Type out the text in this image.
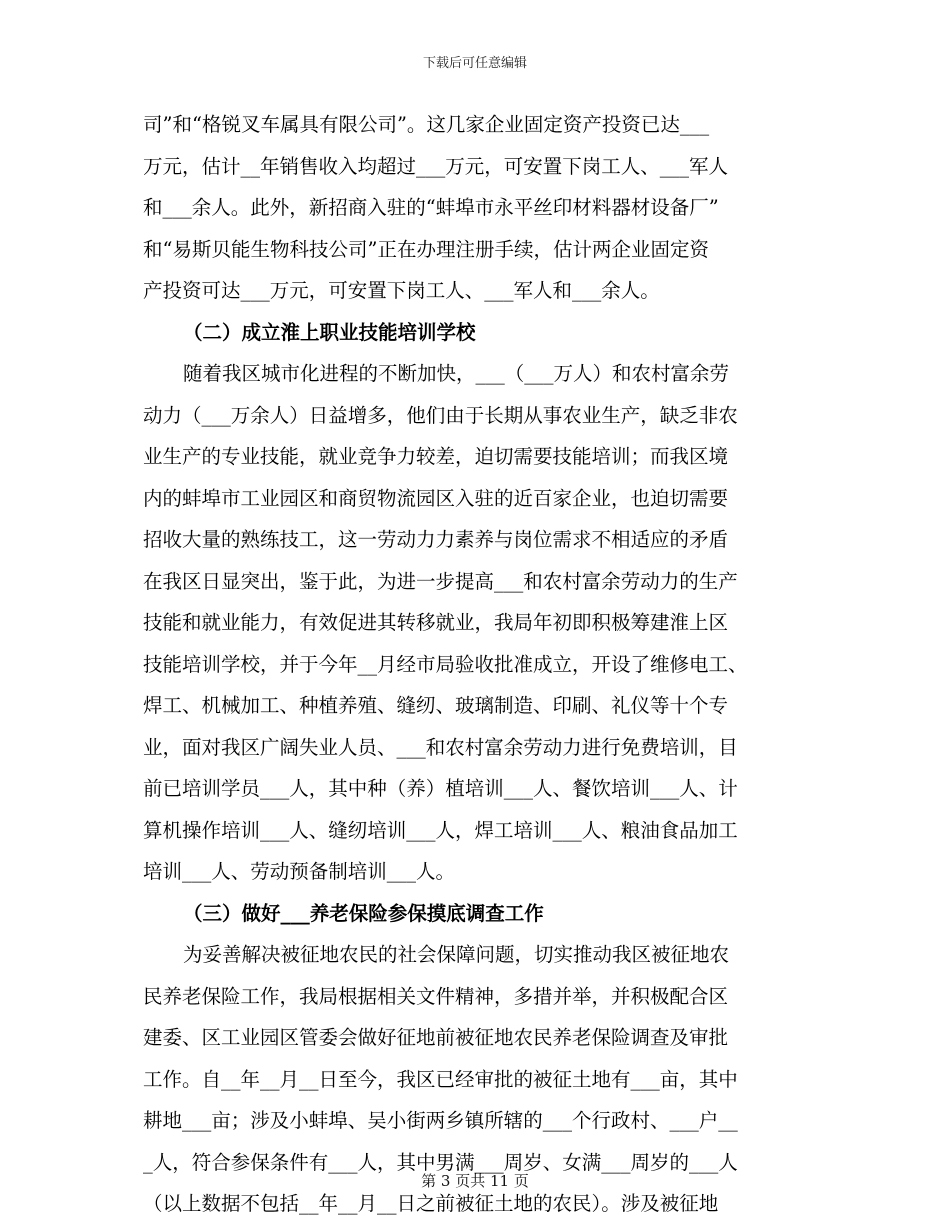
下载后可任意编辑
司”和“格锐叉车属具有限公司”。这几家企业固定资产投资已达___
万元，估计__年销售收入均超过___万元，可安置下岗工人、___军人
和___余人。此外，新招商入驻的“蚌埠市永平丝印材料器材设备厂”
和“易斯贝能生物科技公司”正在办理注册手续，估计两企业固定资
产投资可达___万元，可安置下岗工人、___军人和___余人。
（二）成立淮上职业技能培训学校
随着我区城市化进程的不断加快，___（___万人）和农村富余劳
动力（___万余人）日益增多，他们由于长期从事农业生产，缺乏非农
业生产的专业技能，就业竞争力较差，迫切需要技能培训；而我区境
内的蚌埠市工业园区和商贸物流园区入驻的近百家企业，也迫切需要
招收大量的熟练技工，这一劳动力力素养与岗位需求不相适应的矛盾
在我区日显突出，鉴于此，为进一步提高___和农村富余劳动力的生产
技能和就业能力，有效促进其转移就业，我局年初即积极筹建淮上区
技能培训学校，并于今年__月经市局验收批准成立，开设了维修电工、
焊工、机械加工、种植养殖、缝纫、玻璃制造、印刷、礼仪等十个专
业，面对我区广阔失业人员、___和农村富余劳动力进行免费培训，目
前已培训学员___人，其中种（养）植培训___人、餐饮培训___人、计
算机操作培训___人、缝纫培训___人，焊工培训___人、粮油食品加工
培训___人、劳动预备制培训___人。
（三）做好___养老保险参保摸底调查工作
为妥善解决被征地农民的社会保障问题，切实推动我区被征地农
民养老保险工作，我局根据相关文件精神，多措并举，并积极配合区
建委、区工业园区管委会做好征地前被征地农民养老保险调查及审批
工作。自__年__月__日至今，我区已经审批的被征土地有___亩，其中
耕地___亩；涉及小蚌埠、吴小街两乡镇所辖的___个行政村、___户__
_人，符合参保条件有___人，其中男满___周岁、女满___周岁的___人
（以上数据不包括__年__月__日之前被征土地的农民）。涉及被征地
第 3 页共 11 页
